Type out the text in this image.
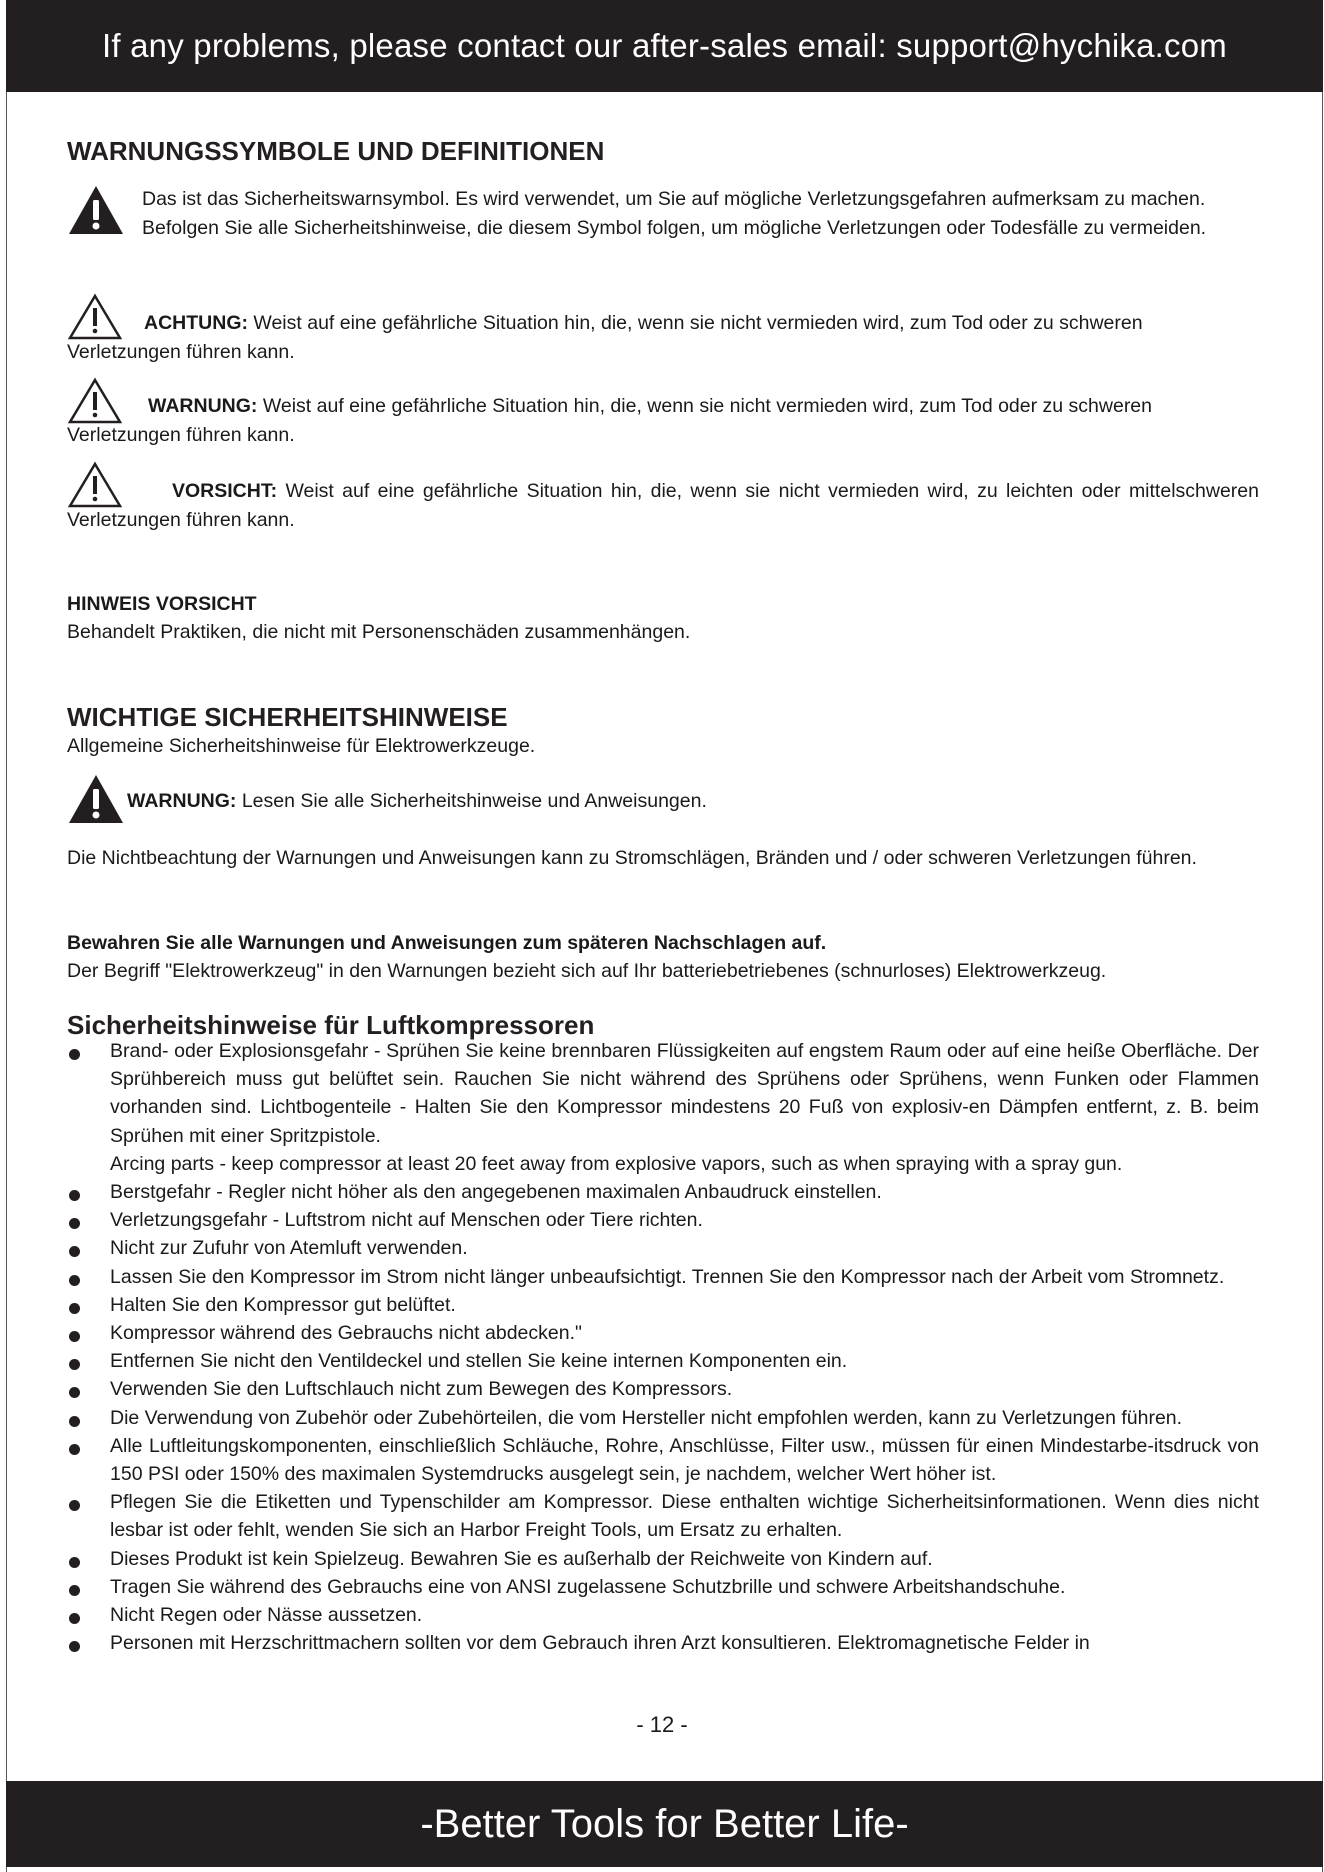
If any problems, please contact our after-sales email: support@hychika.com
WARNUNGSSYMBOLE UND DEFINITIONEN

Das ist das Sicherheitswarnsymbol. Es wird verwendet, um Sie auf mögliche Verletzungsgefahren aufmerksam zu machen. Befolgen Sie alle Sicherheitshinweise, die diesem Symbol folgen, um mögliche Verletzungen oder Todesfälle zu vermeiden.

ACHTUNG: Weist auf eine gefährliche Situation hin, die, wenn sie nicht vermieden wird, zum Tod oder zu schweren Verletzungen führen kann.

WARNUNG: Weist auf eine gefährliche Situation hin, die, wenn sie nicht vermieden wird, zum Tod oder zu schweren Verletzungen führen kann.

VORSICHT: Weist auf eine gefährliche Situation hin, die, wenn sie nicht vermieden wird, zu leichten oder mittelschweren Verletzungen führen kann.

HINWEIS VORSICHT

Behandelt Praktiken, die nicht mit Personenschäden zusammenhängen.

WICHTIGE SICHERHEITSHINWEISE

Allgemeine Sicherheitshinweise für Elektrowerkzeuge.

WARNUNG: Lesen Sie alle Sicherheitshinweise und Anweisungen.

Die Nichtbeachtung der Warnungen und Anweisungen kann zu Stromschlägen, Bränden und / oder schweren Verletzungen führen.

Bewahren Sie alle Warnungen und Anweisungen zum späteren Nachschlagen auf.

Der Begriff "Elektrowerkzeug" in den Warnungen bezieht sich auf Ihr batteriebetriebenes (schnurloses) Elektrowerkzeug.

Sicherheitshinweise für Luftkompressoren
Brand- oder Explosionsgefahr - Sprühen Sie keine brennbaren Flüssigkeiten auf engstem Raum oder auf eine heiße Oberfläche. Der Sprühbereich muss gut belüftet sein. Rauchen Sie nicht während des Sprühens oder Sprühens, wenn Funken oder Flammen vorhanden sind. Lichtbogenteile - Halten Sie den Kompressor mindestens 20 Fuß von explosiv-en Dämpfen entfernt, z. B. beim Sprühen mit einer Spritzpistole.
Arcing parts - keep compressor at least 20 feet away from explosive vapors, such as when spraying with a spray gun.
Berstgefahr - Regler nicht höher als den angegebenen maximalen Anbaudruck einstellen.
Verletzungsgefahr - Luftstrom nicht auf Menschen oder Tiere richten.
Nicht zur Zufuhr von Atemluft verwenden.
Lassen Sie den Kompressor im Strom nicht länger unbeaufsichtigt. Trennen Sie den Kompressor nach der Arbeit vom Stromnetz.
Halten Sie den Kompressor gut belüftet.
Kompressor während des Gebrauchs nicht abdecken."
Entfernen Sie nicht den Ventildeckel und stellen Sie keine internen Komponenten ein.
Verwenden Sie den Luftschlauch nicht zum Bewegen des Kompressors.
Die Verwendung von Zubehör oder Zubehörteilen, die vom Hersteller nicht empfohlen werden, kann zu Verletzungen führen.
Alle Luftleitungskomponenten, einschließlich Schläuche, Rohre, Anschlüsse, Filter usw., müssen für einen Mindestarbe-itsdruck von 150 PSI oder 150% des maximalen Systemdrucks ausgelegt sein, je nachdem, welcher Wert höher ist.
Pflegen Sie die Etiketten und Typenschilder am Kompressor. Diese enthalten wichtige Sicherheitsinformationen. Wenn dies nicht lesbar ist oder fehlt, wenden Sie sich an Harbor Freight Tools, um Ersatz zu erhalten.
Dieses Produkt ist kein Spielzeug. Bewahren Sie es außerhalb der Reichweite von Kindern auf.
Tragen Sie während des Gebrauchs eine von ANSI zugelassene Schutzbrille und schwere Arbeitshandschuhe.
Nicht Regen oder Nässe aussetzen.
Personen mit Herzschrittmachern sollten vor dem Gebrauch ihren Arzt konsultieren. Elektromagnetische Felder in
- 12 -
-Better Tools for Better Life-
